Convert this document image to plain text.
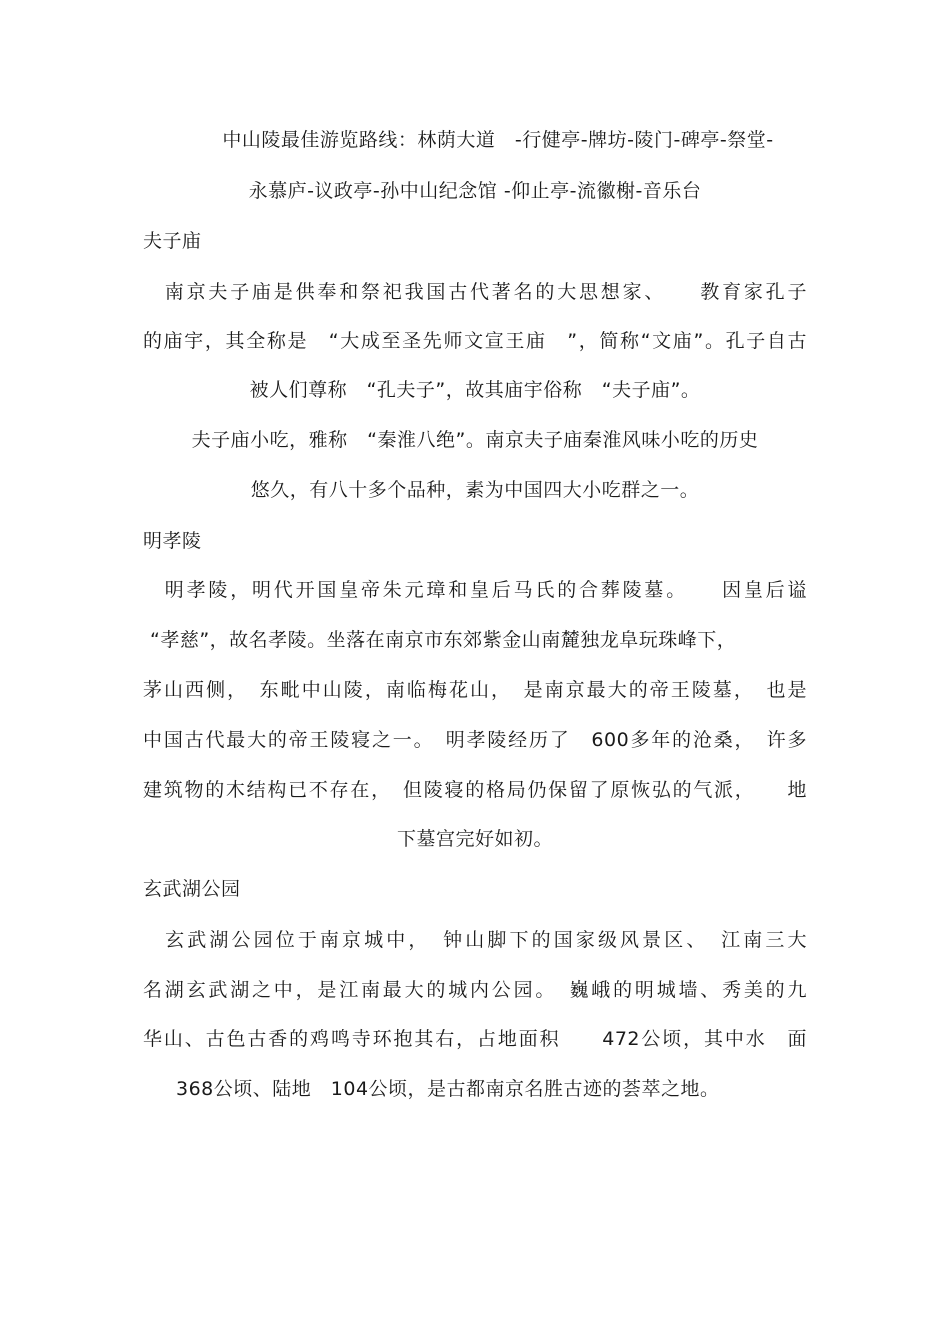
中山陵最佳游览路线：林荫大道　-行健亭-牌坊-陵门-碑亭-祭堂-
永慕庐-议政亭-孙中山纪念馆 -仰止亭-流徽榭-音乐台
夫子庙
　南京夫子庙是供奉和祭祀我国古代著名的大思想家、　　教育家孔子
的庙宇，其全称是　“大成至圣先师文宣王庙　”，简称“文庙”。孔子自古
被人们尊称　“孔夫子”，故其庙宇俗称　“夫子庙”。
夫子庙小吃，雅称　“秦淮八绝”。南京夫子庙秦淮风味小吃的历史
悠久，有八十多个品种，素为中国四大小吃群之一。
明孝陵
　明孝陵，明代开国皇帝朱元璋和皇后马氏的合葬陵墓。　　因皇后谥
“孝慈”，故名孝陵。坐落在南京市东郊紫金山南麓独龙阜玩珠峰下，
茅山西侧，　东毗中山陵，南临梅花山，　是南京最大的帝王陵墓，　也是
中国古代最大的帝王陵寝之一。　明孝陵经历了　600多年的沧桑，　许多
建筑物的木结构已不存在，　但陵寝的格局仍保留了原恢弘的气派，　　地
下墓宫完好如初。
玄武湖公园
　玄武湖公园位于南京城中，　钟山脚下的国家级风景区、　江南三大
名湖玄武湖之中，是江南最大的城内公园。　巍峨的明城墙、秀美的九
华山、古色古香的鸡鸣寺环抱其右，占地面积　　472公顷，其中水　面
368公顷、陆地　104公顷，是古都南京名胜古迹的荟萃之地。
